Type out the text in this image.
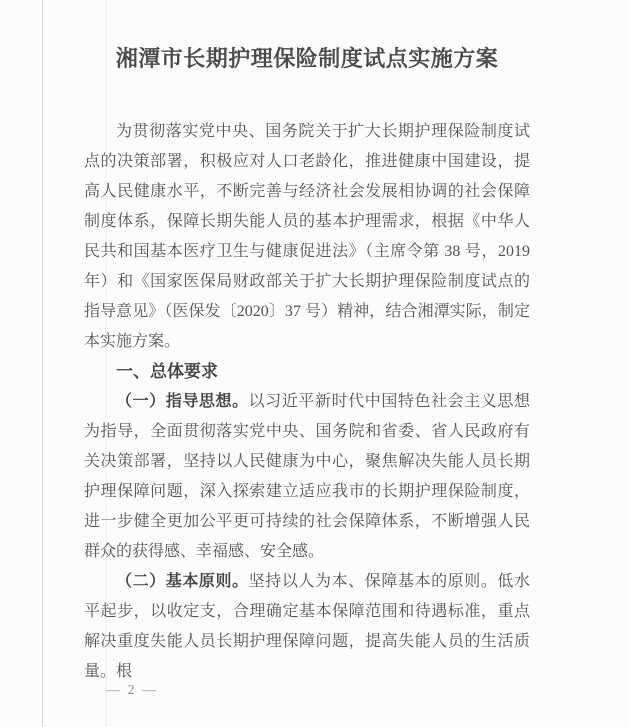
湘潭市长期护理保险制度试点实施方案

为贯彻落实党中央、国务院关于扩大长期护理保险制度试点的决策部署，积极应对人口老龄化，推进健康中国建设，提高人民健康水平，不断完善与经济社会发展相协调的社会保障制度体系，保障长期失能人员的基本护理需求，根据《中华人民共和国基本医疗卫生与健康促进法》（主席令第 38 号，2019 年）和《国家医保局财政部关于扩大长期护理保险制度试点的指导意见》（医保发〔2020〕37 号）精神，结合湘潭实际，制定本实施方案。

一、总体要求

（一）指导思想。以习近平新时代中国特色社会主义思想为指导，全面贯彻落实党中央、国务院和省委、省人民政府有关决策部署，坚持以人民健康为中心，聚焦解决失能人员长期护理保障问题，深入探索建立适应我市的长期护理保险制度，进一步健全更加公平更可持续的社会保障体系，不断增强人民群众的获得感、幸福感、安全感。

（二）基本原则。坚持以人为本、保障基本的原则。低水平起步，以收定支，合理确定基本保障范围和待遇标准，重点解决重度失能人员长期护理保障问题，提高失能人员的生活质量。根

— 2 —
